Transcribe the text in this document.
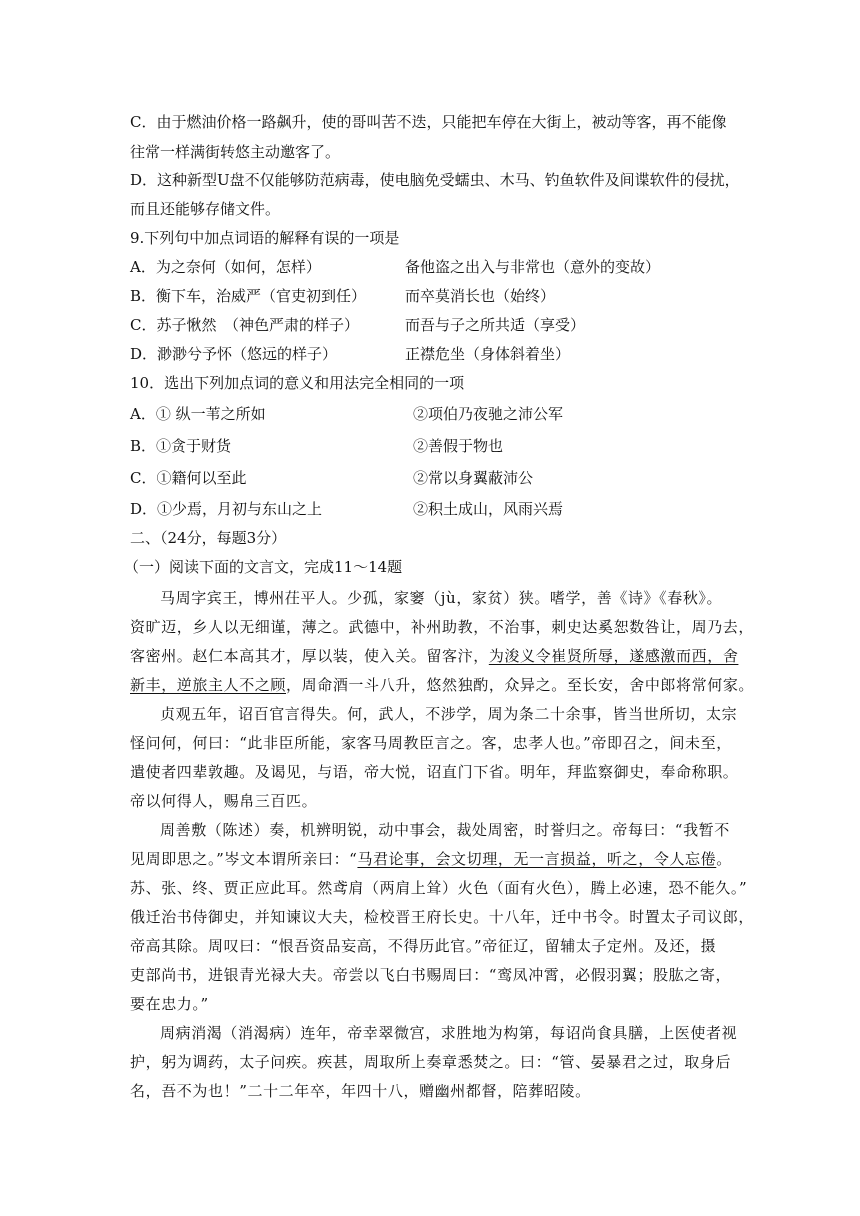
C．由于燃油价格一路飙升，使的哥叫苦不迭，只能把车停在大街上，被动等客，再不能像
往常一样满街转悠主动邀客了。
D．这种新型U盘不仅能够防范病毒，使电脑免受蠕虫、木马、钓鱼软件及间谍软件的侵扰，
而且还能够存储文件。
9.下列句中加点词语的解释有误的一项是
A．为之奈何（如何，怎样）	备他盗之出入与非常也（意外的变故）
B．衡下车，治威严（官吏初到任）	而卒莫消长也（始终）
C．苏子愀然　（神色严肃的样子）	而吾与子之所共适（享受）
D．渺渺兮予怀（悠远的样子）	正襟危坐（身体斜着坐）
10．选出下列加点词的意义和用法完全相同的一项
A．① 纵一苇之所如	②项伯乃夜驰之沛公军
B．①贪于财货	②善假于物也
C．①籍何以至此	②常以身翼蔽沛公
D．①少焉，月初与东山之上	②积土成山，风雨兴焉
二、（24分，每题3分）
（一）阅读下面的文言文，完成11～14题
马周字宾王，博州茌平人。少孤，家窭（jù，家贫）狭。嗜学，善《诗》《春秋》。
资旷迈，乡人以无细谨，薄之。武德中，补州助教，不治事，刺史达奚恕数咎让，周乃去，
客密州。赵仁本高其才，厚以装，使入关。留客汴，为浚义令崔贤所辱，遂感激而西，舍
新丰，逆旅主人不之顾，周命酒一斗八升，悠然独酌，众异之。至长安，舍中郎将常何家。
贞观五年，诏百官言得失。何，武人，不涉学，周为条二十余事，皆当世所切，太宗
怪问何，何曰：“此非臣所能，家客马周教臣言之。客，忠孝人也。”帝即召之，间未至，
遣使者四辈敦趣。及谒见，与语，帝大悦，诏直门下省。明年，拜监察御史，奉命称职。
帝以何得人，赐帛三百匹。
周善敷（陈述）奏，机辨明锐，动中事会，裁处周密，时誉归之。帝每曰：“我暂不
见周即思之。”岑文本谓所亲曰：“马君论事，会文切理，无一言损益，听之，令人忘倦。
苏、张、终、贾正应此耳。然鸢肩（两肩上耸）火色（面有火色），腾上必速，恐不能久。”
俄迁治书侍御史，并知谏议大夫，检校晋王府长史。十八年，迁中书令。时置太子司议郎，
帝高其除。周叹曰：“恨吾资品妄高，不得历此官。”帝征辽，留辅太子定州。及还，摄
吏部尚书，进银青光禄大夫。帝尝以飞白书赐周曰：“鸾凤冲霄，必假羽翼；股肱之寄，
要在忠力。”
周病消渴（消渴病）连年，帝幸翠微宫，求胜地为构第，每诏尚食具膳，上医使者视
护，躬为调药，太子问疾。疾甚，周取所上奏章悉焚之。曰：“管、晏暴君之过，取身后
名，吾不为也！”二十二年卒，年四十八，赠幽州都督，陪葬昭陵。
